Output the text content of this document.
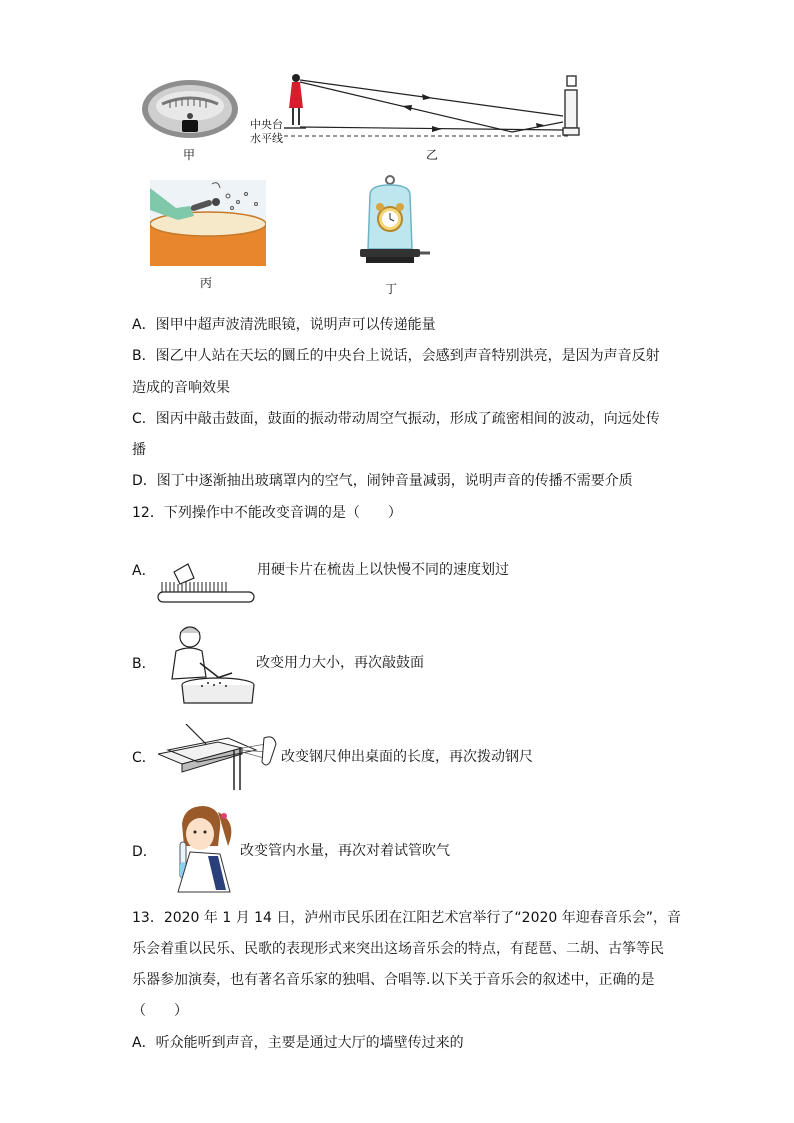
甲
中央台
水平线
乙
丙	丁
A．图甲中超声波清洗眼镜，说明声可以传递能量
B．图乙中人站在天坛的圜丘的中央台上说话，会感到声音特别洪亮，是因为声音反射
造成的音响效果
C．图丙中敲击鼓面，鼓面的振动带动周空气振动，形成了疏密相间的波动，向远处传
播
D．图丁中逐渐抽出玻璃罩内的空气，闹钟音量减弱，说明声音的传播不需要介质
12．下列操作中不能改变音调的是（　　）
A．	用硬卡片在梳齿上以快慢不同的速度划过
B．	改变用力大小，再次敲鼓面
C．	改变钢尺伸出桌面的长度，再次拨动钢尺
D．	改变管内水量，再次对着试管吹气
13．2020 年 1 月 14 日，泸州市民乐团在江阳艺术宫举行了“2020 年迎春音乐会”，音
乐会着重以民乐、民歌的表现形式来突出这场音乐会的特点，有琵琶、二胡、古筝等民
乐器参加演奏，也有著名音乐家的独唱、合唱等.以下关于音乐会的叙述中，正确的是
（　　）
A．听众能听到声音，主要是通过大厅的墙壁传过来的
